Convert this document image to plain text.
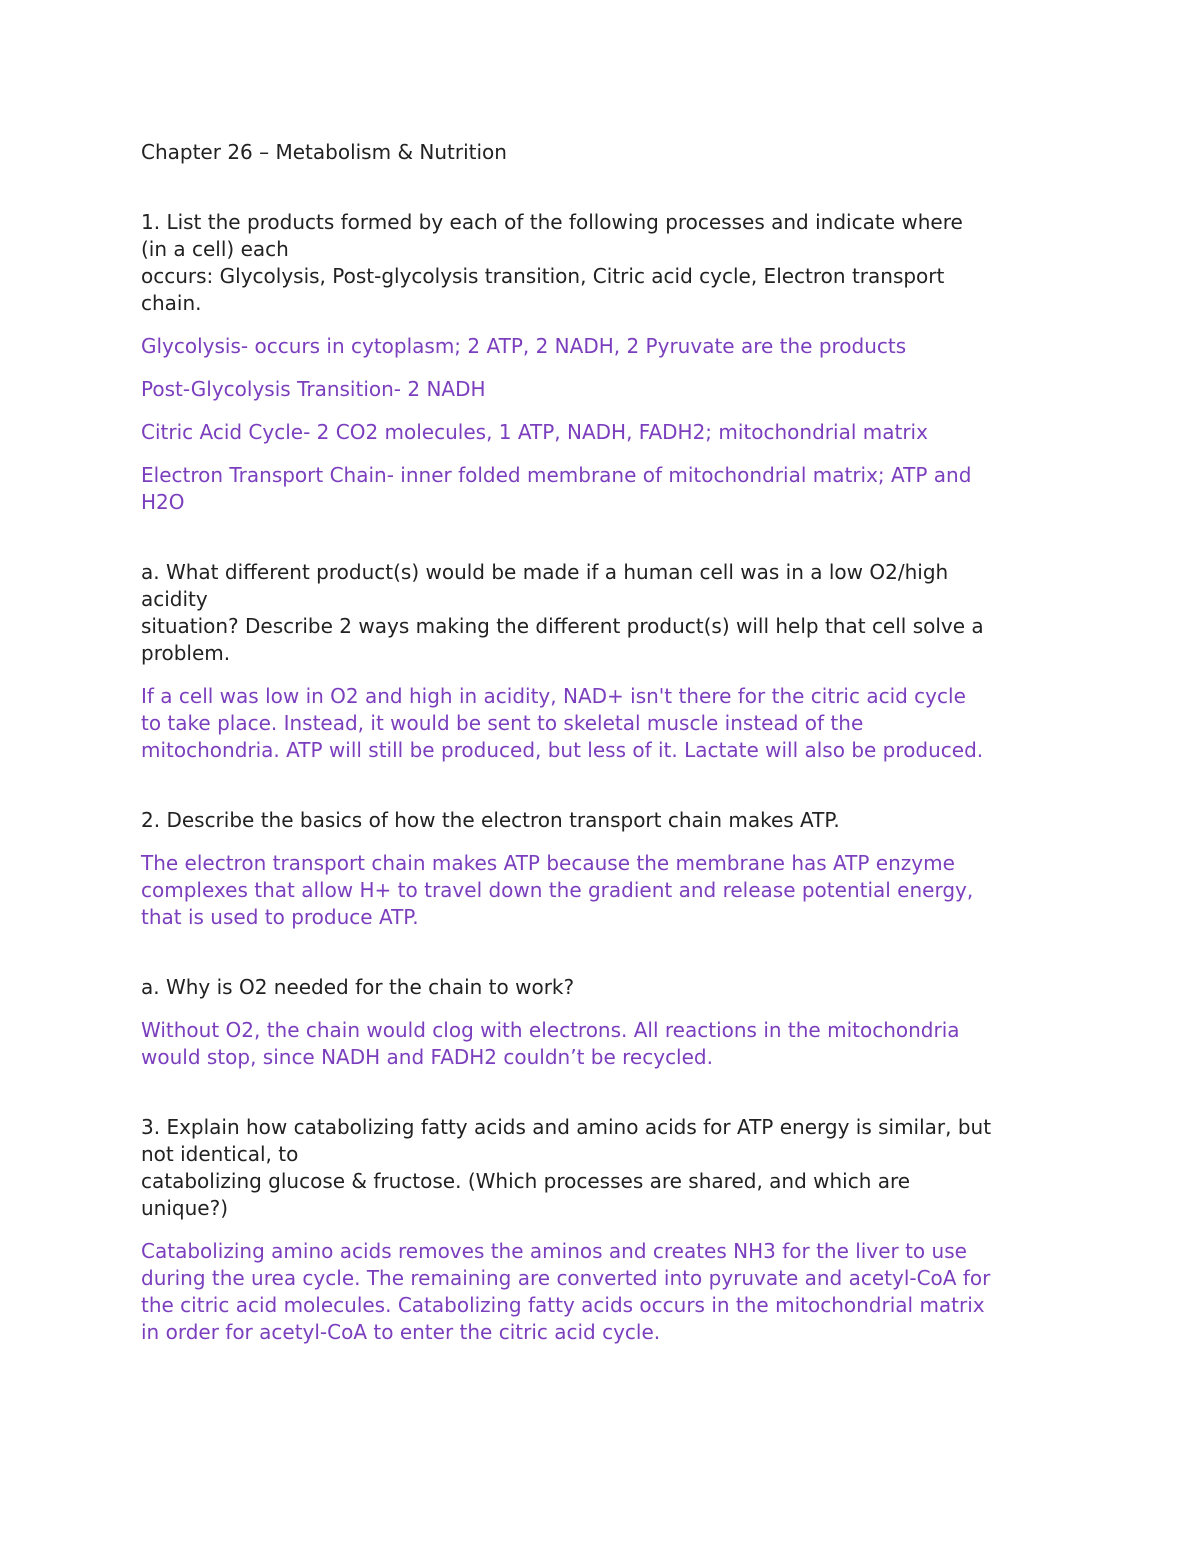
Chapter 26 – Metabolism & Nutrition

1. List the products formed by each of the following processes and indicate where

(in a cell) each

occurs: Glycolysis, Post-glycolysis transition, Citric acid cycle, Electron transport

chain.

Glycolysis- occurs in cytoplasm; 2 ATP, 2 NADH, 2 Pyruvate are the products

Post-Glycolysis Transition- 2 NADH

Citric Acid Cycle- 2 CO2 molecules, 1 ATP, NADH, FADH2; mitochondrial matrix

Electron Transport Chain- inner folded membrane of mitochondrial matrix; ATP and

H2O

a. What different product(s) would be made if a human cell was in a low O2/high

acidity

situation? Describe 2 ways making the different product(s) will help that cell solve a

problem.

If a cell was low in O2 and high in acidity, NAD+ isn't there for the citric acid cycle

to take place. Instead, it would be sent to skeletal muscle instead of the

mitochondria. ATP will still be produced, but less of it. Lactate will also be produced.

2. Describe the basics of how the electron transport chain makes ATP.

The electron transport chain makes ATP because the membrane has ATP enzyme

complexes that allow H+ to travel down the gradient and release potential energy,

that is used to produce ATP.

a. Why is O2 needed for the chain to work?

Without O2, the chain would clog with electrons. All reactions in the mitochondria

would stop, since NADH and FADH2 couldn’t be recycled.

3. Explain how catabolizing fatty acids and amino acids for ATP energy is similar, but

not identical, to

catabolizing glucose & fructose. (Which processes are shared, and which are

unique?)

Catabolizing amino acids removes the aminos and creates NH3 for the liver to use

during the urea cycle. The remaining are converted into pyruvate and acetyl-CoA for

the citric acid molecules. Catabolizing fatty acids occurs in the mitochondrial matrix

in order for acetyl-CoA to enter the citric acid cycle.
